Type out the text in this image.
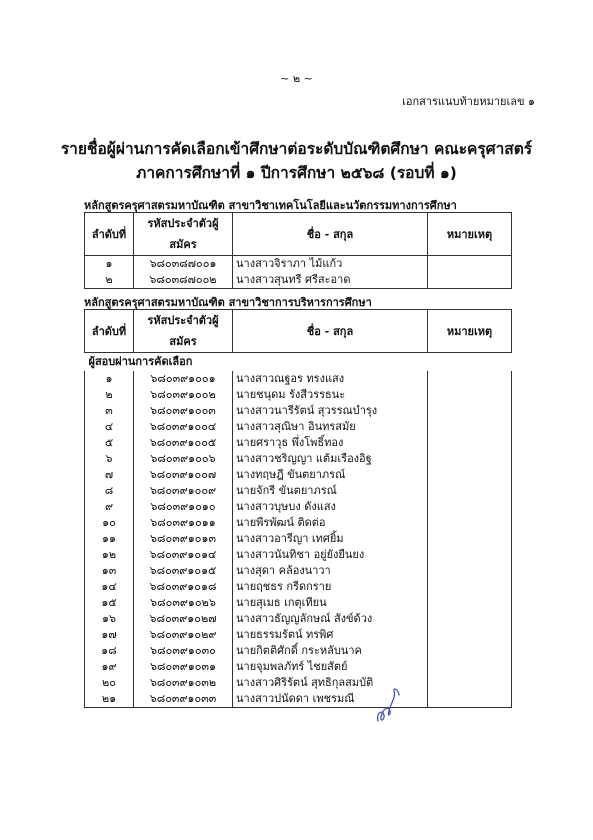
~ ๒ ~
เอกสารแนบท้ายหมายเลข ๑
รายชื่อผู้ผ่านการคัดเลือกเข้าศึกษาต่อระดับบัณฑิตศึกษา คณะครุศาสตร์
ภาคการศึกษาที่ ๑ ปีการศึกษา ๒๕๖๘ (รอบที่ ๑)
หลักสูตรครุศาสตรมหาบัณฑิต สาขาวิชาเทคโนโลยีและนวัตกรรมทางการศึกษา
ลำดับที่	รหัสประจำตัวผู้สมัคร	ชื่อ - สกุล	หมายเหตุ
๑	๖๘๐๓๘๗๐๐๑	นางสาวจิราภา ไม้แก้ว	
๒	๖๘๐๓๘๗๐๐๒	นางสาวสุนทรี ศรีสะอาด	
หลักสูตรครุศาสตรมหาบัณฑิต สาขาวิชาการบริหารการศึกษา
ลำดับที่	รหัสประจำตัวผู้สมัคร	ชื่อ - สกุล	หมายเหตุ
ผู้สอบผ่านการคัดเลือก			
๑	๖๘๐๓๙๑๐๐๑	นางสาวณฐอร ทรงแสง	
๒	๖๘๐๓๙๑๐๐๒	นายชนุดม รังสีวรรธนะ	
๓	๖๘๐๓๙๑๐๐๓	นางสาวนารีรัตน์ สุวรรณบำรุง	
๔	๖๘๐๓๙๑๐๐๔	นางสาวสุณิษา อินทรสมัย	
๕	๖๘๐๓๙๑๐๐๕	นายศราวุธ พึ่งโพธิ์ทอง	
๖	๖๘๐๓๙๑๐๐๖	นางสาวชริญญา แต้มเรืองอิฐ	
๗	๖๘๐๓๙๑๐๐๗	นางทฤษฎี ขันตยาภรณ์	
๘	๖๘๐๓๙๑๐๐๙	นายจักรี ขันตยาภรณ์	
๙	๖๘๐๓๙๑๐๑๐	นางสาวบุษบง ดังแสง	
๑๐	๖๘๐๓๙๑๐๑๑	นายพีรพัฒน์ ติดต่อ	
๑๑	๖๘๐๓๙๑๐๑๓	นางสาวอารีญา เทศยิ้ม	
๑๒	๖๘๐๓๙๑๐๑๔	นางสาวนันทิชา อยู่ยังยืนยง	
๑๓	๖๘๐๓๙๑๐๑๕	นางสุดา คล้องนาวา	
๑๔	๖๘๐๓๙๑๐๑๘	นายฤชธร กรีดกราย	
๑๕	๖๘๐๓๙๑๐๒๖	นายสุเมธ เกตุเทียน	
๑๖	๖๘๐๓๙๑๐๒๗	นางสาวธัญญลักษณ์ สังข์ด้วง	
๑๗	๖๘๐๓๙๑๐๒๙	นายธรรมรัตน์ ทรพิศ	
๑๘	๖๘๐๓๙๑๐๓๐	นายกิตติศักดิ์ กระหลับนาค	
๑๙	๖๘๐๓๙๑๐๓๑	นายจุมพลภัทร์ ไชยสัตย์	
๒๐	๖๘๐๓๙๑๐๓๒	นางสาวศิริรัตน์ สุทธิกุลสมบัติ	
๒๑	๖๘๐๓๙๑๐๓๓	นางสาวปนัดดา เพชรมณี	
